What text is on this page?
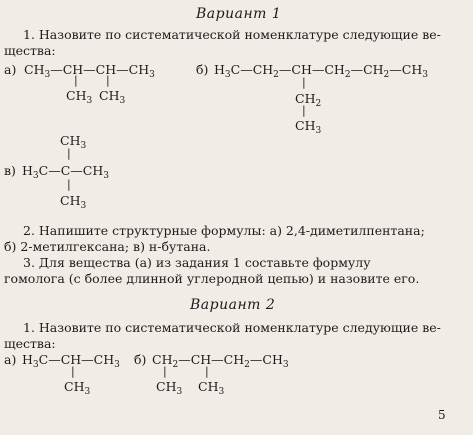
Вариант 1
1. Назовите по систематической номенклатуре следующие ве-
щества:
а) $CH_3—CH—CH—CH_3$
|	|
$CH_3$ $CH_3$
б) $H_3C—CH_2—CH—CH_2—CH_2—CH_3$
|
$CH_2$
|
$CH_3$
$CH_3$
|
в) $H_3C—C—CH_3$
|
$CH_3$
2. Напишите структурные формулы: а) 2,4-диметилпентана;
б) 2-метилгексана; в) н-бутана.
3. Для вещества (а) из задания 1 составьте формулу
гомолога (с более длинной углеродной цепью) и назовите его.
Вариант 2
1. Назовите по систематической номенклатуре следующие ве-
щества:
а) $H_3C—CH—CH_3$
|
$CH_3$
б) $CH_2—CH—CH_2—CH_3$
|	|
$CH_3$ $CH_3$
5
